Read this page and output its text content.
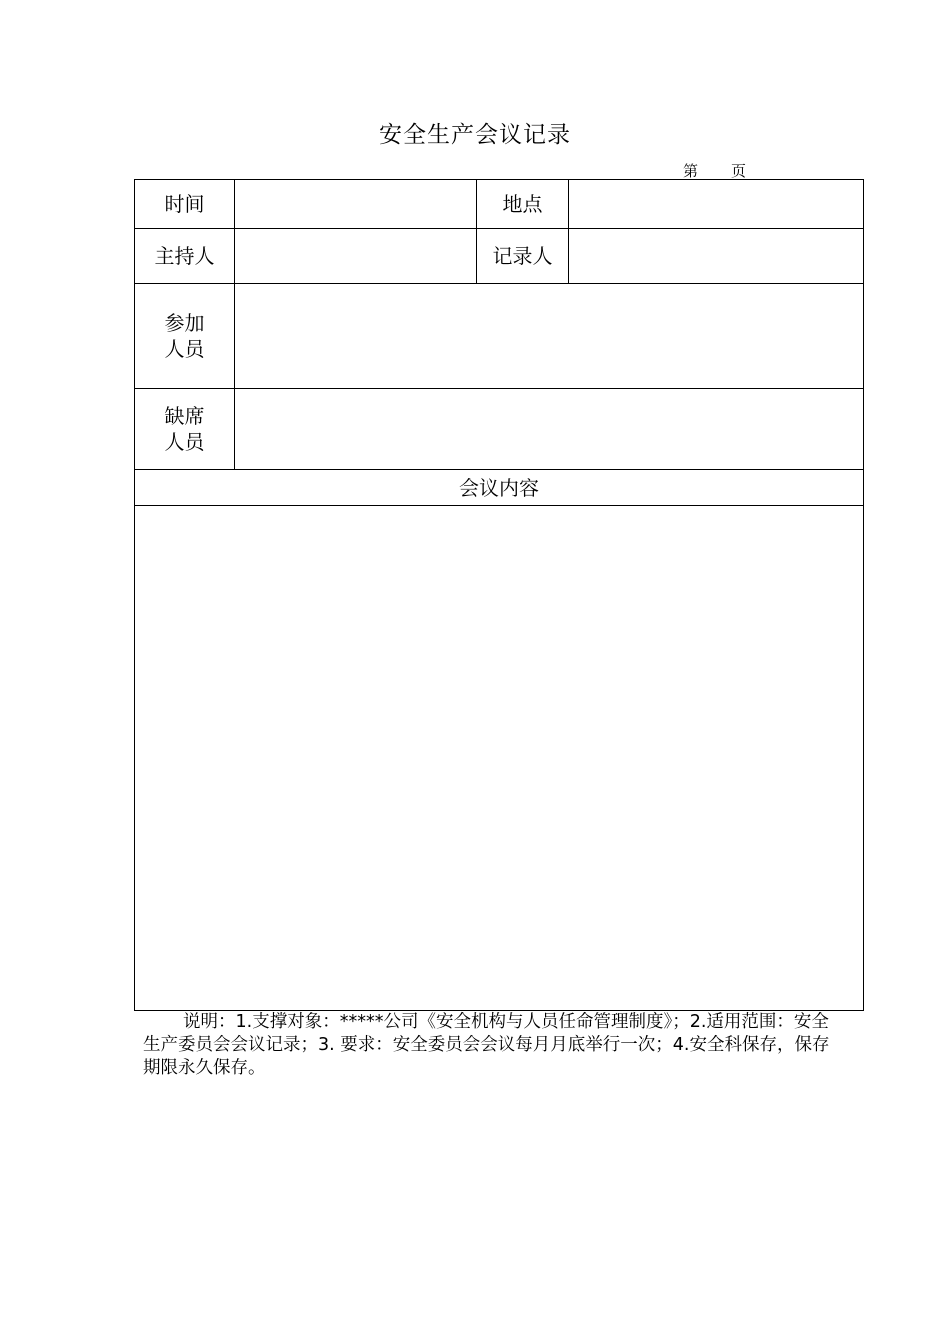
安全生产会议记录
第 页
时间		地点	
主持人		记录人	

参加
人员			

缺席
人员			

会议内容			

说明：1.支撑对象：*****公司《安全机构与人员任命管理制度》；2.适用范围：安全生产委员会会议记录；3. 要求：安全委员会会议每月月底举行一次；4.安全科保存，保存期限永久保存。
